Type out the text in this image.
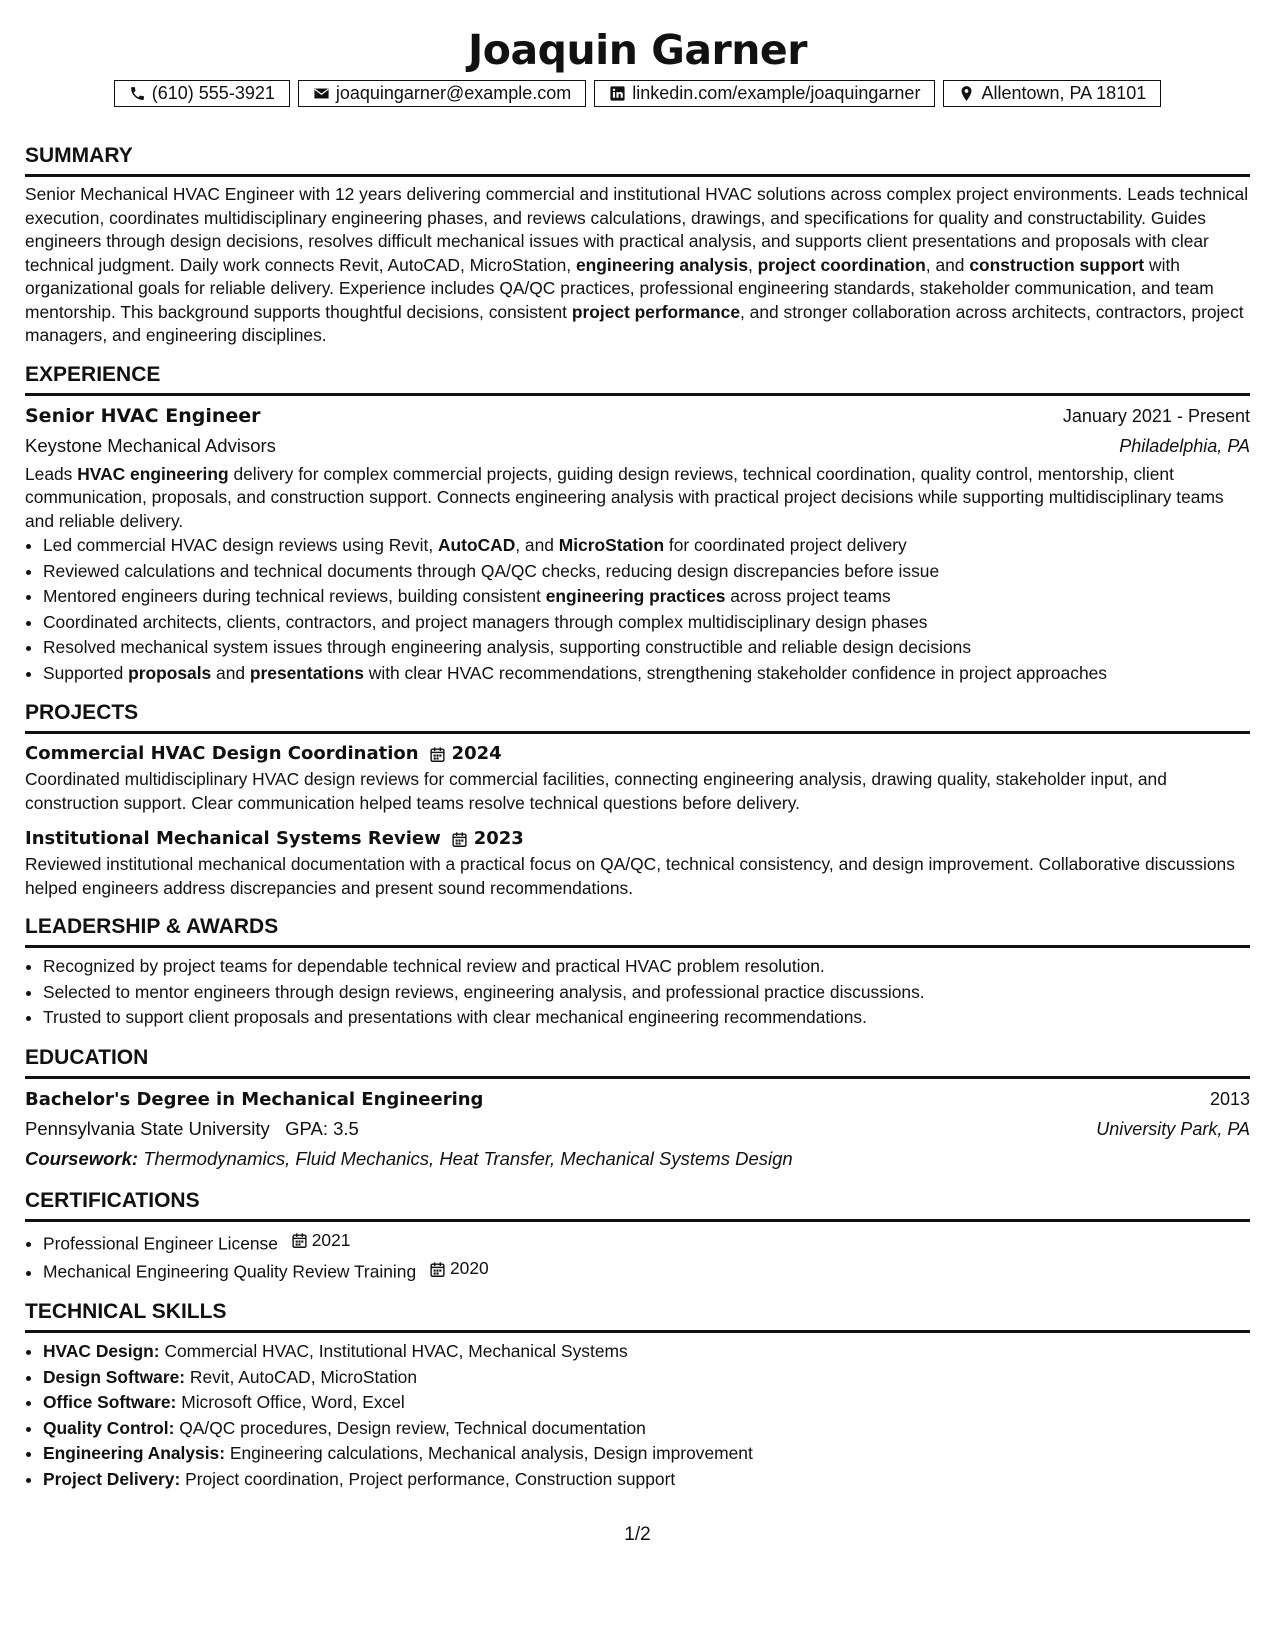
Joaquin Garner
(610) 555-3921	joaquingarner@example.com	linkedin.com/example/joaquingarner	Allentown, PA 18101
SUMMARY
Senior Mechanical HVAC Engineer with 12 years delivering commercial and institutional HVAC solutions across complex project environments. Leads technical execution, coordinates multidisciplinary engineering phases, and reviews calculations, drawings, and specifications for quality and constructability. Guides engineers through design decisions, resolves difficult mechanical issues with practical analysis, and supports client presentations and proposals with clear technical judgment. Daily work connects Revit, AutoCAD, MicroStation, engineering analysis, project coordination, and construction support with organizational goals for reliable delivery. Experience includes QA/QC practices, professional engineering standards, stakeholder communication, and team mentorship. This background supports thoughtful decisions, consistent project performance, and stronger collaboration across architects, contractors, project managers, and engineering disciplines.
EXPERIENCE
Senior HVAC Engineer	January 2021 - Present
Keystone Mechanical Advisors	Philadelphia, PA
Leads HVAC engineering delivery for complex commercial projects, guiding design reviews, technical coordination, quality control, mentorship, client communication, proposals, and construction support. Connects engineering analysis with practical project decisions while supporting multidisciplinary teams and reliable delivery.
• Led commercial HVAC design reviews using Revit, AutoCAD, and MicroStation for coordinated project delivery
• Reviewed calculations and technical documents through QA/QC checks, reducing design discrepancies before issue
• Mentored engineers during technical reviews, building consistent engineering practices across project teams
• Coordinated architects, clients, contractors, and project managers through complex multidisciplinary design phases
• Resolved mechanical system issues through engineering analysis, supporting constructible and reliable design decisions
• Supported proposals and presentations with clear HVAC recommendations, strengthening stakeholder confidence in project approaches
PROJECTS
Commercial HVAC Design Coordination 2024
Coordinated multidisciplinary HVAC design reviews for commercial facilities, connecting engineering analysis, drawing quality, stakeholder input, and construction support. Clear communication helped teams resolve technical questions before delivery.
Institutional Mechanical Systems Review 2023
Reviewed institutional mechanical documentation with a practical focus on QA/QC, technical consistency, and design improvement. Collaborative discussions helped engineers address discrepancies and present sound recommendations.
LEADERSHIP & AWARDS
• Recognized by project teams for dependable technical review and practical HVAC problem resolution.
• Selected to mentor engineers through design reviews, engineering analysis, and professional practice discussions.
• Trusted to support client proposals and presentations with clear mechanical engineering recommendations.
EDUCATION
Bachelor's Degree in Mechanical Engineering	2013
Pennsylvania State University GPA: 3.5	University Park, PA
Coursework: Thermodynamics, Fluid Mechanics, Heat Transfer, Mechanical Systems Design
CERTIFICATIONS
• Professional Engineer License 2021
• Mechanical Engineering Quality Review Training 2020
TECHNICAL SKILLS
• HVAC Design: Commercial HVAC, Institutional HVAC, Mechanical Systems
• Design Software: Revit, AutoCAD, MicroStation
• Office Software: Microsoft Office, Word, Excel
• Quality Control: QA/QC procedures, Design review, Technical documentation
• Engineering Analysis: Engineering calculations, Mechanical analysis, Design improvement
• Project Delivery: Project coordination, Project performance, Construction support
1/2
